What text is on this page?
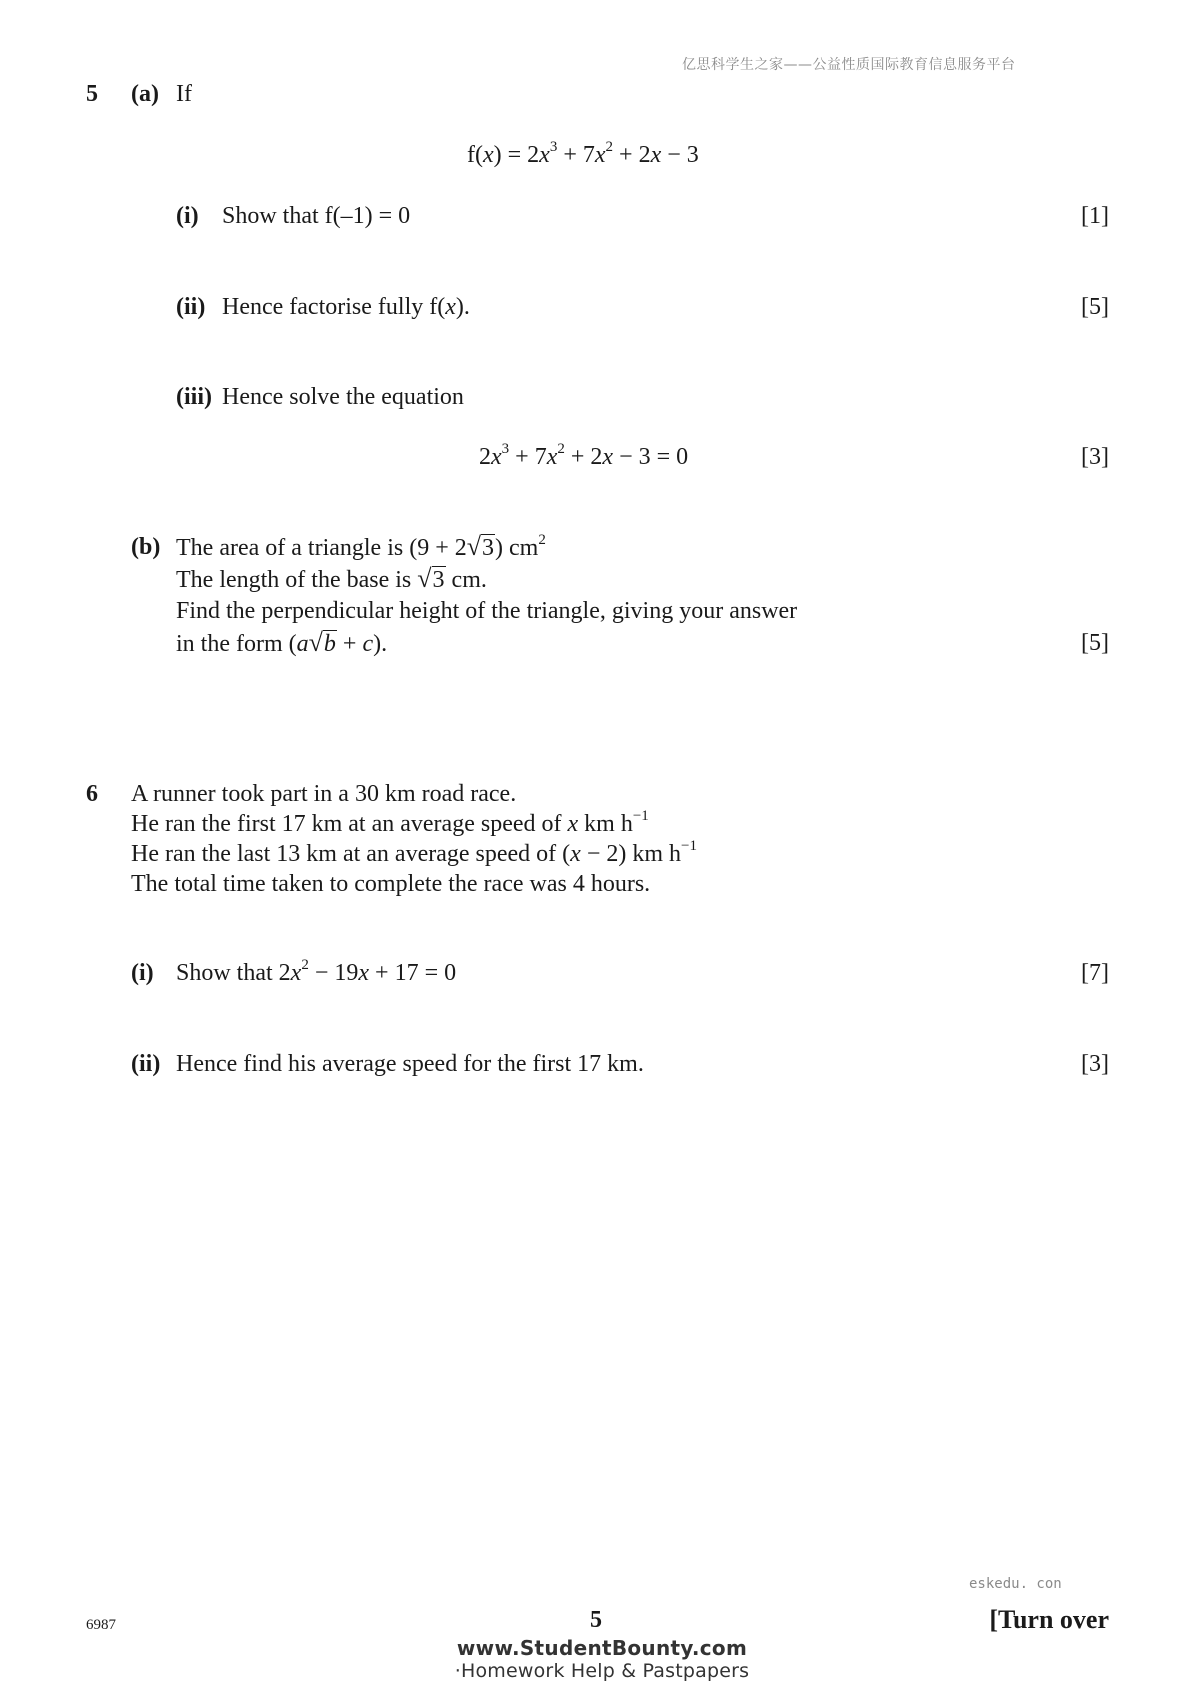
亿思科学生之家——公益性质国际教育信息服务平台
5 (a) If
$f(x) = 2x^3 + 7x^2 + 2x - 3$
(i) Show that f(–1) = 0	[1]
(ii) Hence factorise fully f(x).	[5]
(iii) Hence solve the equation
$2x^3 + 7x^2 + 2x - 3 = 0$	[3]
(b) The area of a triangle is (9 + 2√3) $cm^2$
The length of the base is √3 cm.
Find the perpendicular height of the triangle, giving your answer
in the form (a√b + c).	[5]
6 A runner took part in a 30 km road race.
He ran the first 17 km at an average speed of x km $h^{-1}$
He ran the last 13 km at an average speed of (x − 2) km $h^{-1}$
The total time taken to complete the race was 4 hours.
(i) Show that $2x^2 - 19x + 17 = 0$	[7]
(ii) Hence find his average speed for the first 17 km.	[3]
eskedu. con
6987	5	[Turn over
www.StudentBounty.com
·Homework Help & Pastpapers
